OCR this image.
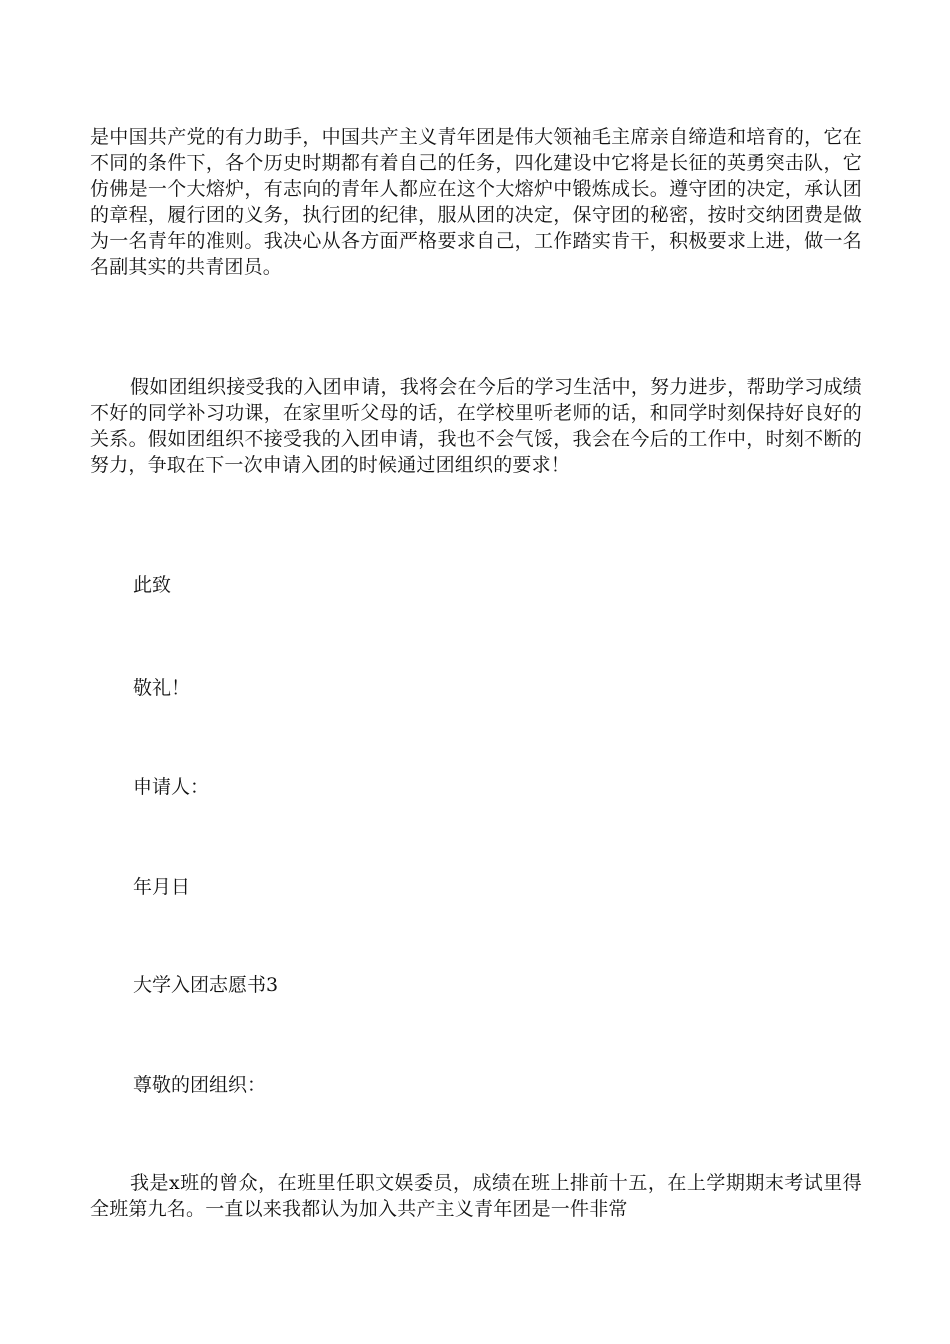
是中国共产党的有力助手，中国共产主义青年团是伟大领袖毛主席亲自缔造和培育的，它在不同的条件下，各个历史时期都有着自己的任务，四化建设中它将是长征的英勇突击队，它仿佛是一个大熔炉，有志向的青年人都应在这个大熔炉中锻炼成长。遵守团的决定，承认团的章程，履行团的义务，执行团的纪律，服从团的决定，保守团的秘密，按时交纳团费是做为一名青年的准则。我决心从各方面严格要求自己，工作踏实肯干，积极要求上进，做一名名副其实的共青团员。

假如团组织接受我的入团申请，我将会在今后的学习生活中，努力进步，帮助学习成绩不好的同学补习功课，在家里听父母的话，在学校里听老师的话，和同学时刻保持好良好的关系。假如团组织不接受我的入团申请，我也不会气馁，我会在今后的工作中，时刻不断的努力，争取在下一次申请入团的时候通过团组织的要求！

此致

敬礼！

申请人：

年月日

大学入团志愿书3

尊敬的团组织：

我是x班的曾众，在班里任职文娱委员，成绩在班上排前十五，在上学期期末考试里得全班第九名。一直以来我都认为加入共产主义青年团是一件非常
